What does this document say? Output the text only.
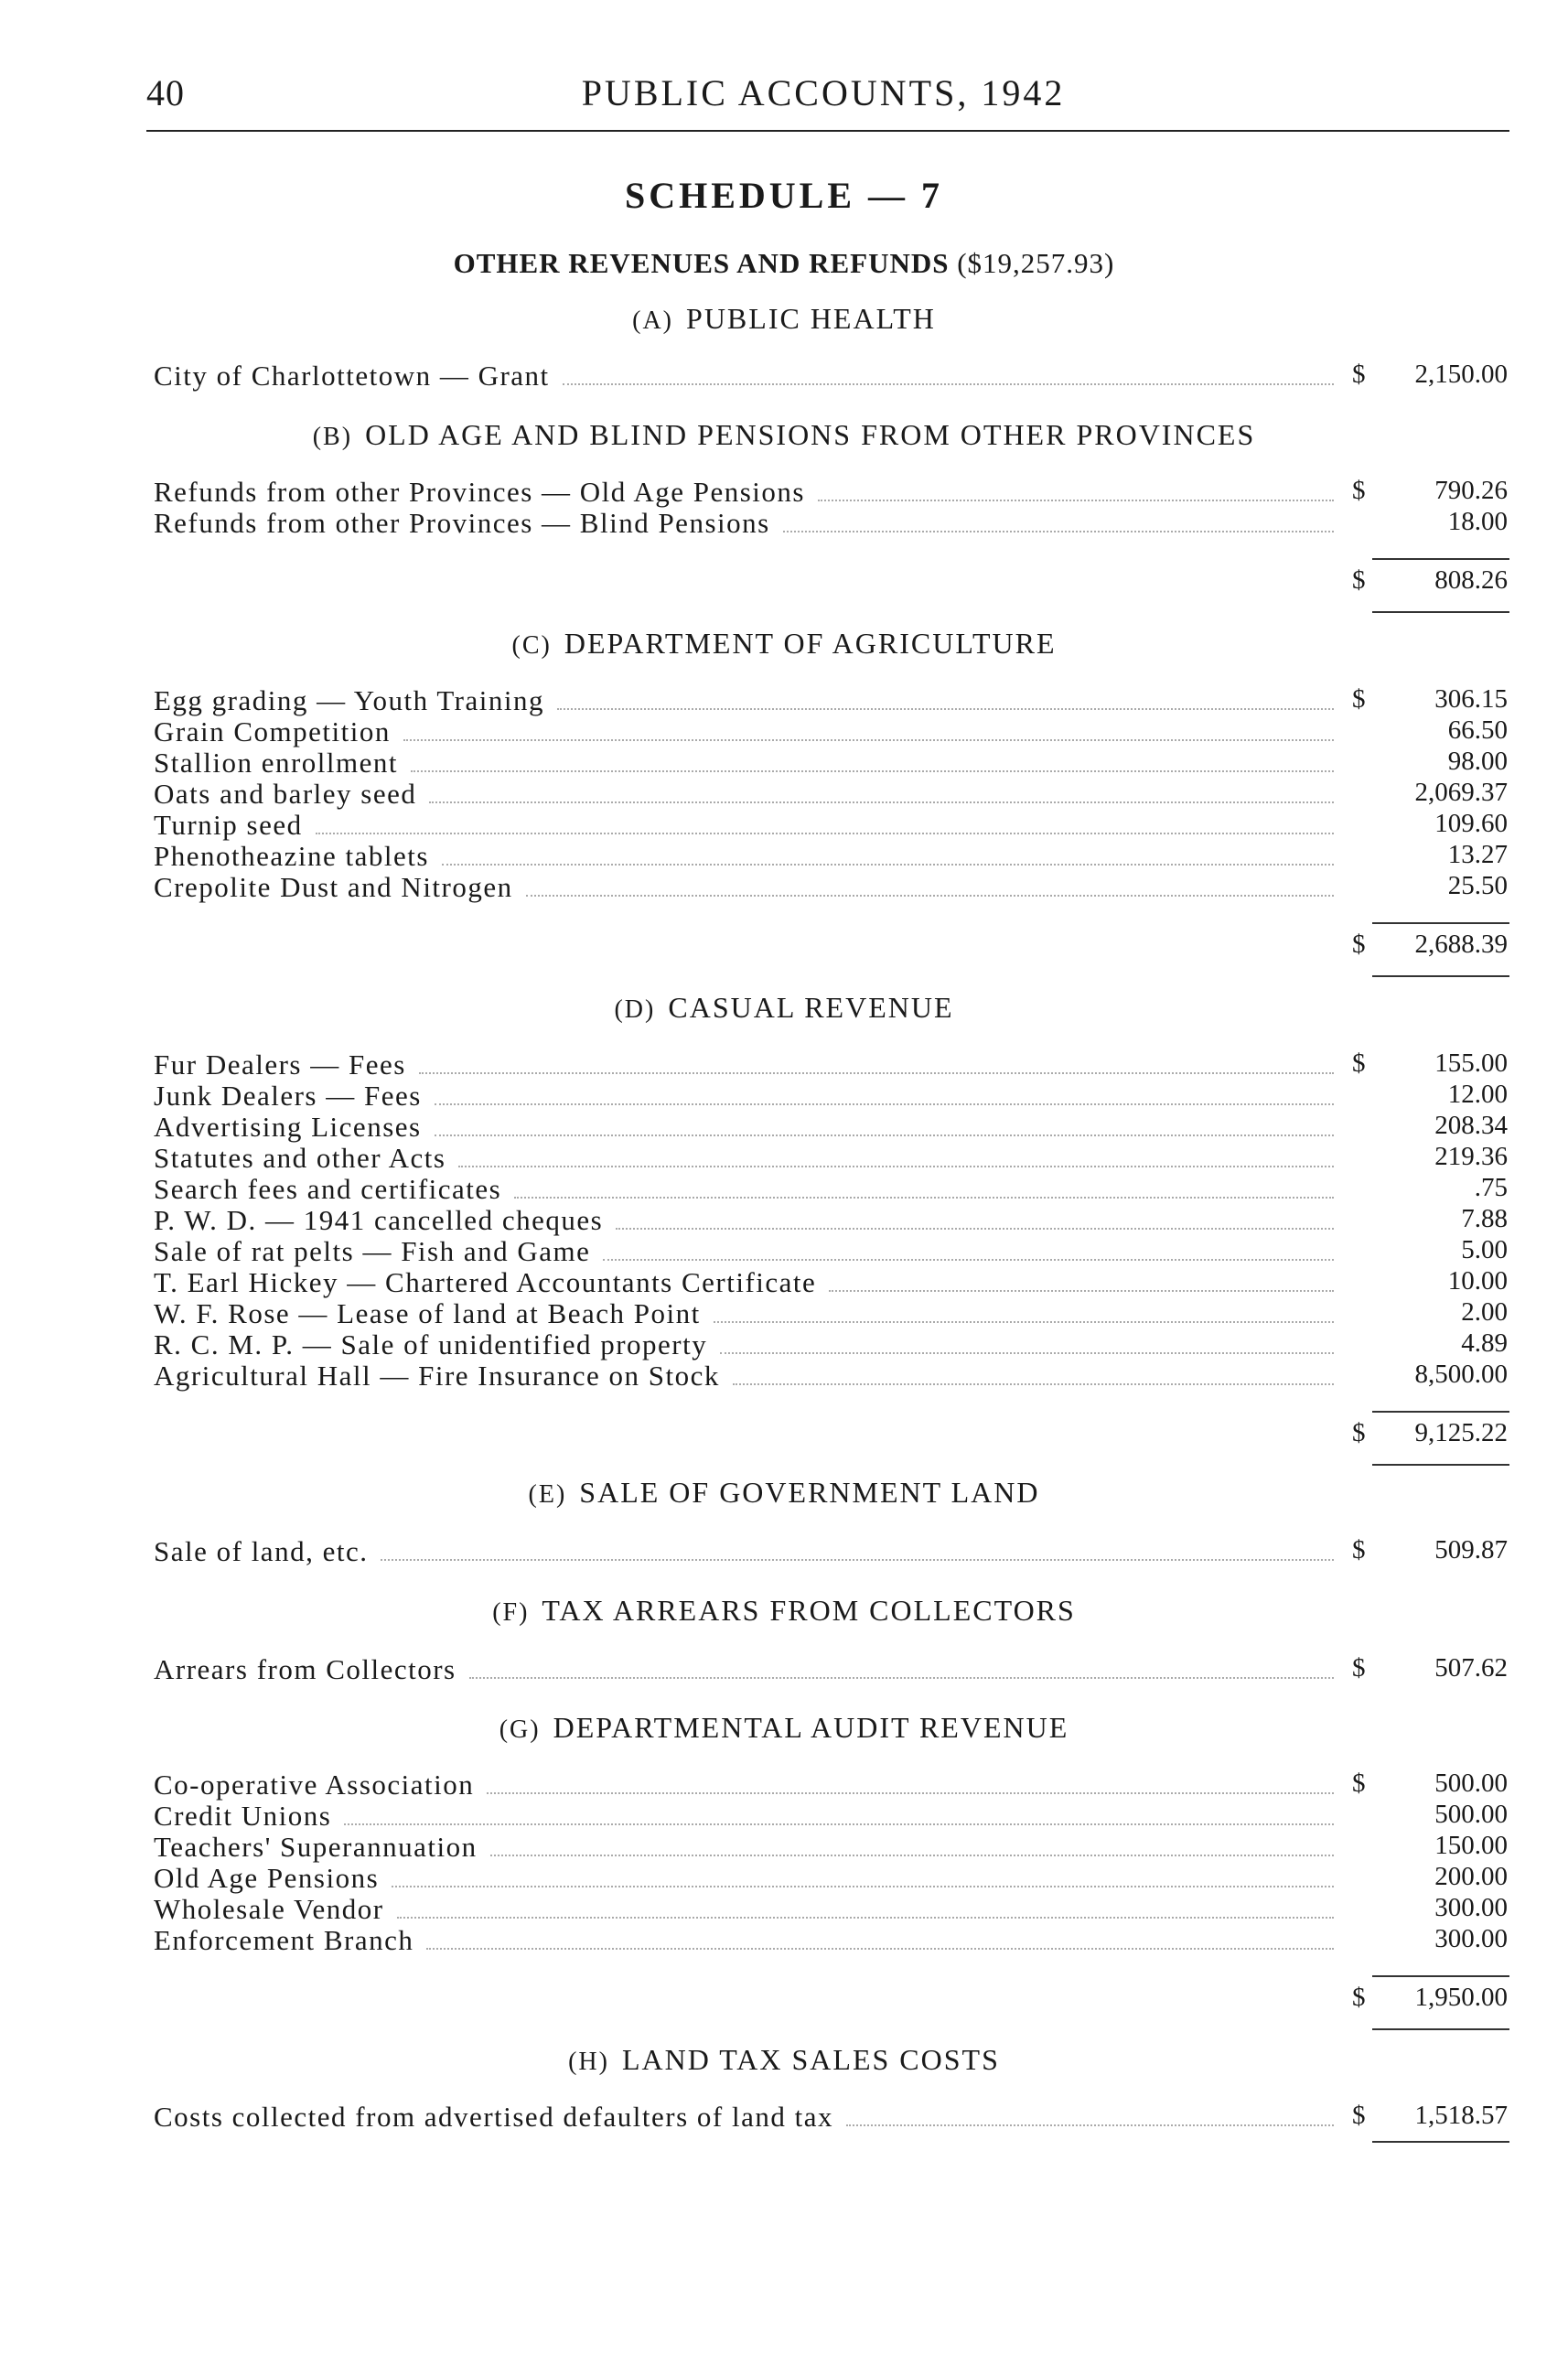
40	PUBLIC ACCOUNTS, 1942
SCHEDULE — 7
OTHER REVENUES AND REFUNDS ($19,257.93)
(A) PUBLIC HEALTH
City of Charlottetown — Grant	$	2,150.00
(B) OLD AGE AND BLIND PENSIONS FROM OTHER PROVINCES
Refunds from other Provinces — Old Age Pensions	$	790.26
Refunds from other Provinces — Blind Pensions	18.00
$	808.26
(C) DEPARTMENT OF AGRICULTURE
Egg grading — Youth Training	$	306.15
Grain Competition	66.50
Stallion enrollment	98.00
Oats and barley seed	2,069.37
Turnip seed	109.60
Phenotheazine tablets	13.27
Crepolite Dust and Nitrogen	25.50
$	2,688.39
(D) CASUAL REVENUE
Fur Dealers — Fees	$	155.00
Junk Dealers — Fees	12.00
Advertising Licenses	208.34
Statutes and other Acts	219.36
Search fees and certificates	.75
P. W. D. — 1941 cancelled cheques	7.88
Sale of rat pelts — Fish and Game	5.00
T. Earl Hickey — Chartered Accountants Certificate	10.00
W. F. Rose — Lease of land at Beach Point	2.00
R. C. M. P. — Sale of unidentified property	4.89
Agricultural Hall — Fire Insurance on Stock	8,500.00
$	9,125.22
(E) SALE OF GOVERNMENT LAND
Sale of land, etc.	$	509.87
(F) TAX ARREARS FROM COLLECTORS
Arrears from Collectors	$	507.62
(G) DEPARTMENTAL AUDIT REVENUE
Co-operative Association	$	500.00
Credit Unions	500.00
Teachers' Superannuation	150.00
Old Age Pensions	200.00
Wholesale Vendor	300.00
Enforcement Branch	300.00
$	1,950.00
(H) LAND TAX SALES COSTS
Costs collected from advertised defaulters of land tax	$	1,518.57
